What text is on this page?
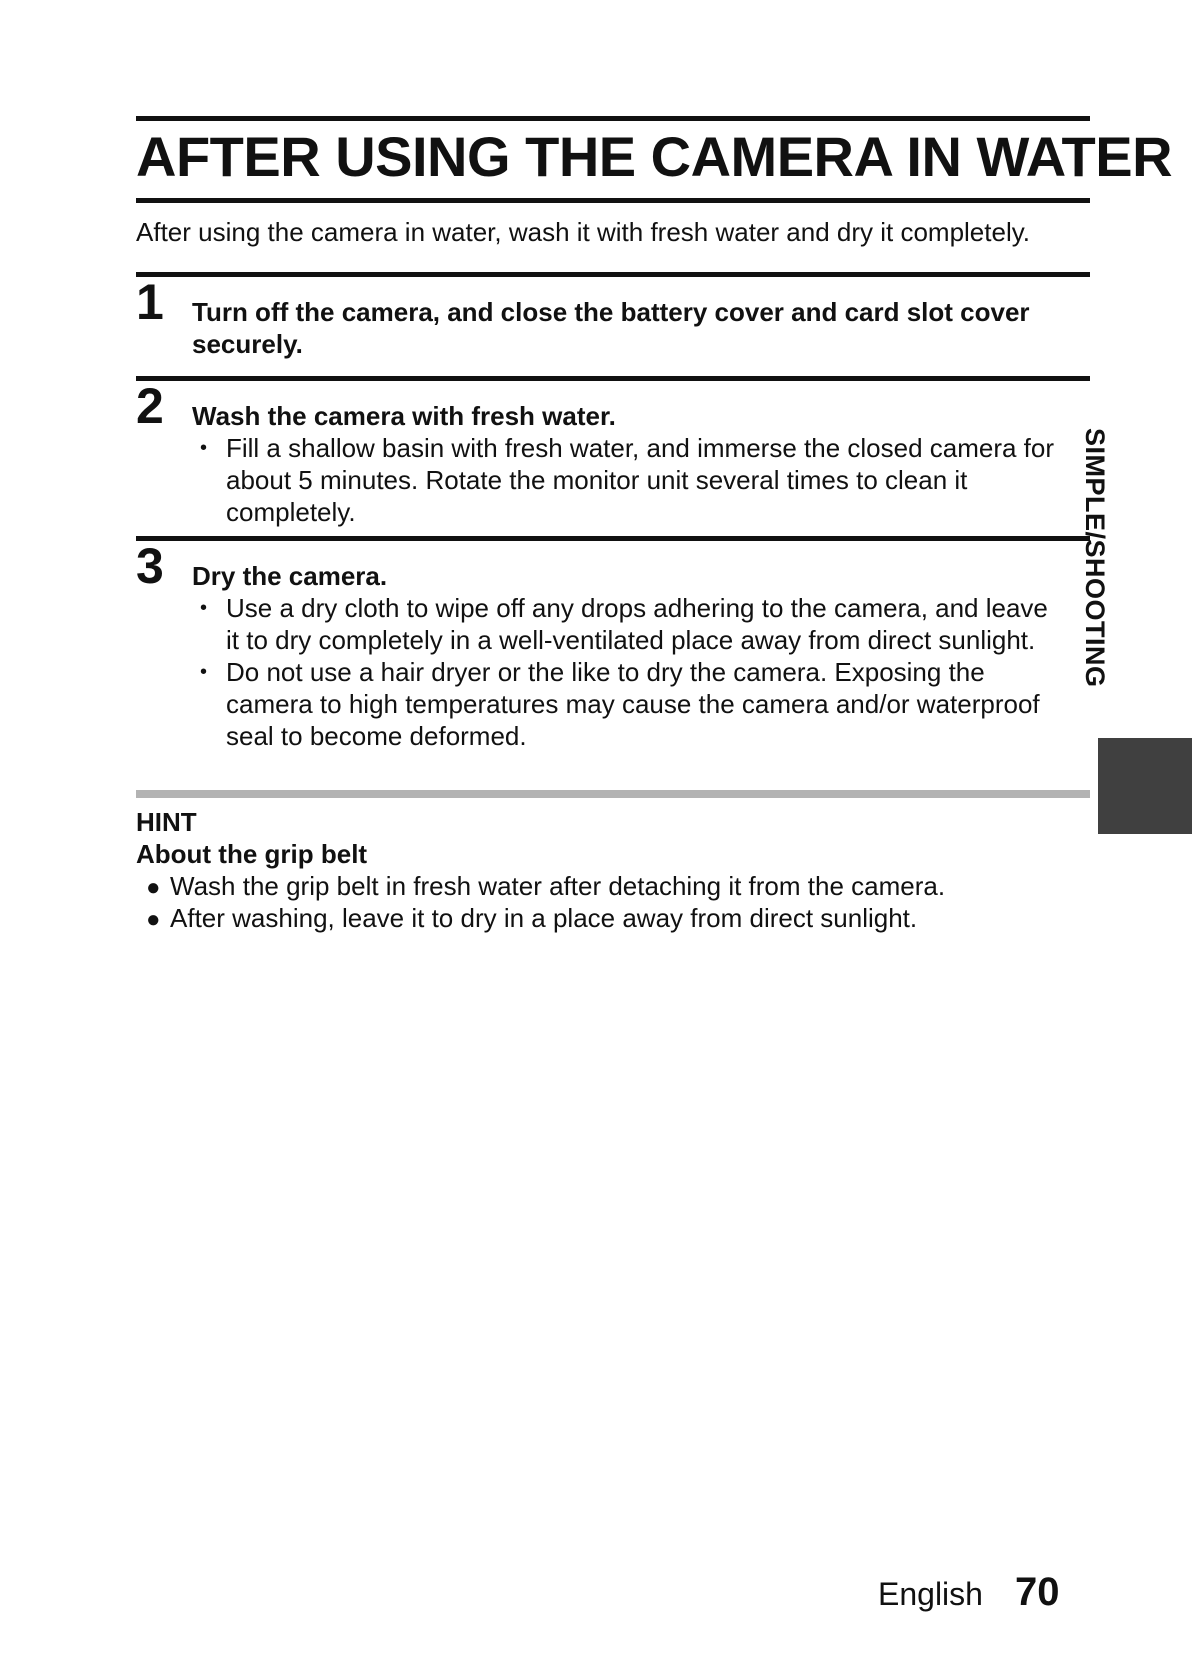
AFTER USING THE CAMERA IN WATER
After using the camera in water, wash it with fresh water and dry it completely.
1 Turn off the camera, and close the battery cover and card slot cover
securely.
2 Wash the camera with fresh water.
• Fill a shallow basin with fresh water, and immerse the closed camera for
about 5 minutes. Rotate the monitor unit several times to clean it
completely.
3 Dry the camera.
• Use a dry cloth to wipe off any drops adhering to the camera, and leave
it to dry completely in a well-ventilated place away from direct sunlight.
• Do not use a hair dryer or the like to dry the camera. Exposing the
camera to high temperatures may cause the camera and/or waterproof
seal to become deformed.
HINT
About the grip belt
● Wash the grip belt in fresh water after detaching it from the camera.
● After washing, leave it to dry in a place away from direct sunlight.
SIMPLE/SHOOTING
English 70
